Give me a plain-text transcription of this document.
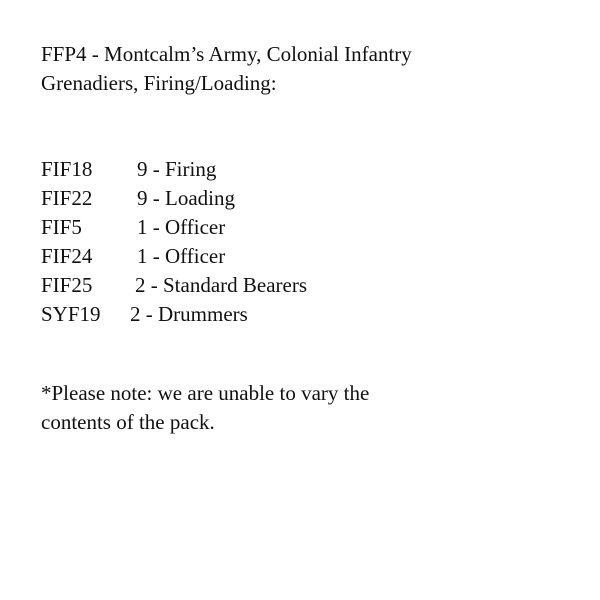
FFP4 - Montcalm’s Army, Colonial Infantry
Grenadiers, Firing/Loading:
FIF18 9 - Firing
FIF22 9 - Loading
FIF5	1 - Officer
FIF24 1 - Officer
FIF25 2 - Standard Bearers
SYF19 2 - Drummers
*Please note: we are unable to vary the
contents of the pack.
